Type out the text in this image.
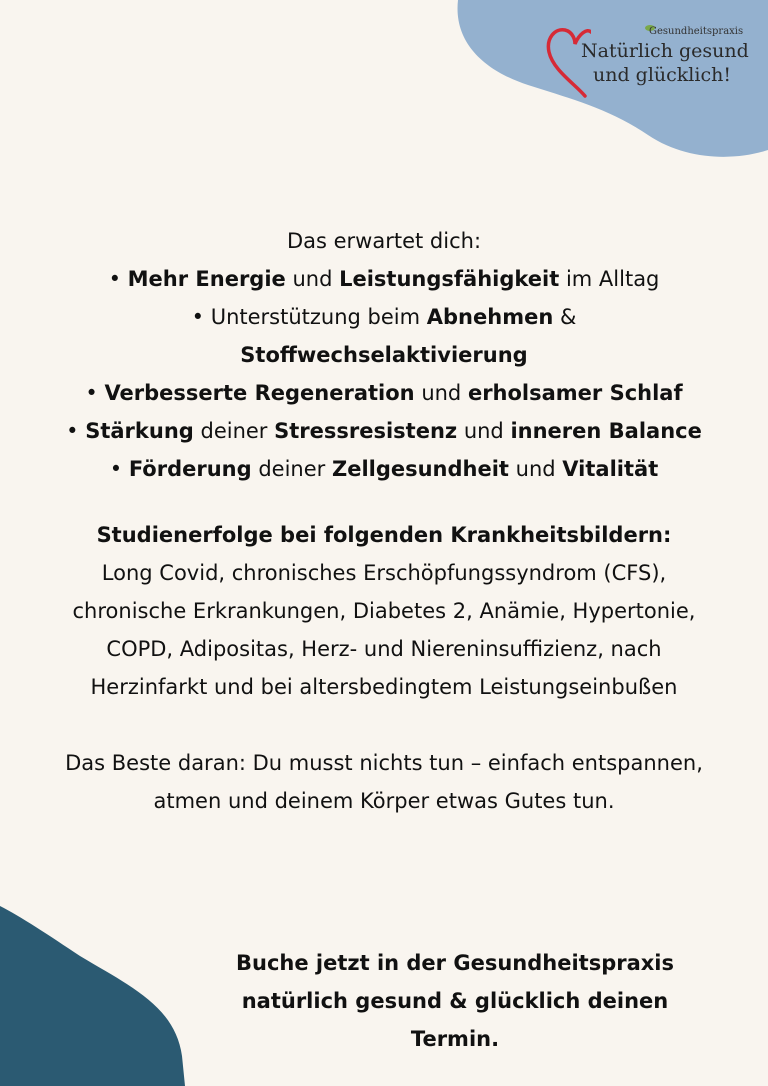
Gesundheitspraxis
Natürlich gesund
und glücklich!

Das erwartet dich:

• Mehr Energie und Leistungsfähigkeit im Alltag

• Unterstützung beim Abnehmen &

Stoffwechselaktivierung

• Verbesserte Regeneration und erholsamer Schlaf

• Stärkung deiner Stressresistenz und inneren Balance

• Förderung deiner Zellgesundheit und Vitalität

Studienerfolge bei folgenden Krankheitsbildern:

Long Covid, chronisches Erschöpfungssyndrom (CFS),

chronische Erkrankungen, Diabetes 2, Anämie, Hypertonie,

COPD, Adipositas, Herz- und Niereninsuffizienz, nach

Herzinfarkt und bei altersbedingtem Leistungseinbußen

Das Beste daran: Du musst nichts tun – einfach entspannen,

atmen und deinem Körper etwas Gutes tun.

Buche jetzt in der Gesundheitspraxis
natürlich gesund & glücklich deinen
Termin.
